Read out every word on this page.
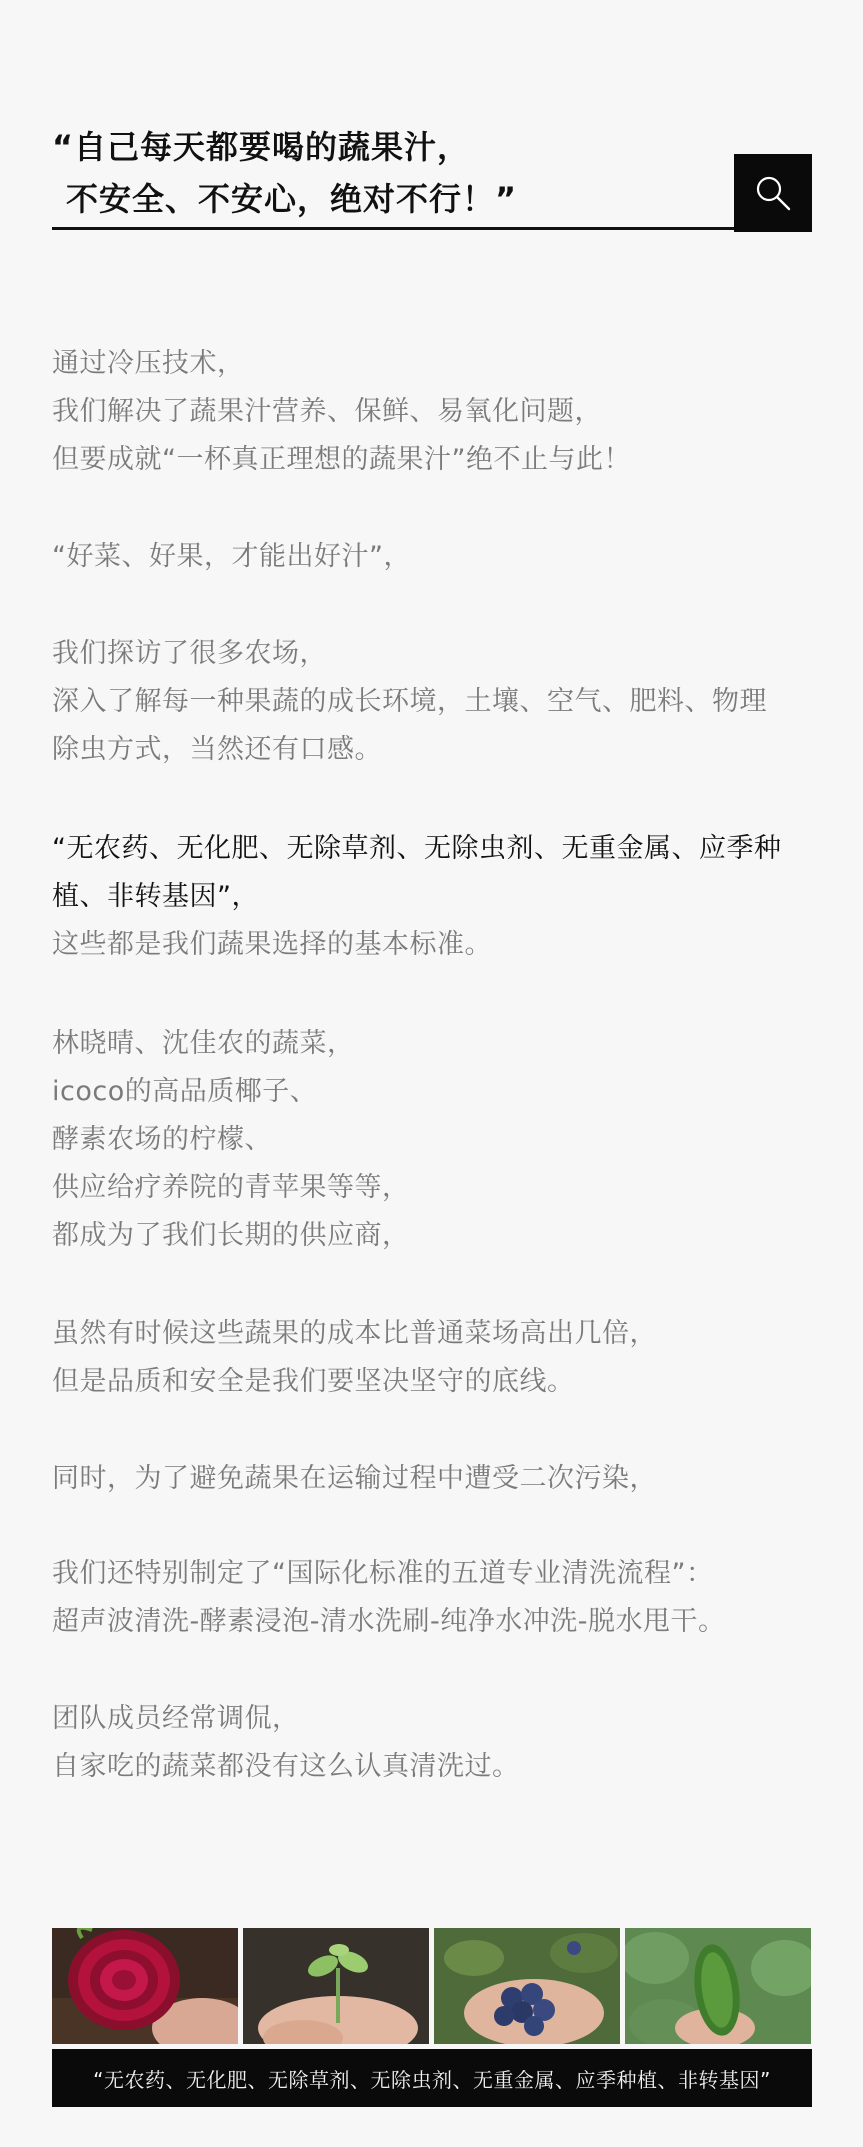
“自己每天都要喝的蔬果汁，
不安全、不安心，绝对不行！”
通过冷压技术，
我们解决了蔬果汁营养、保鲜、易氧化问题，
但要成就“一杯真正理想的蔬果汁”绝不止与此！
“好菜、好果，才能出好汁”，
我们探访了很多农场，
深入了解每一种果蔬的成长环境，土壤、空气、肥料、物理
除虫方式，当然还有口感。
“无农药、无化肥、无除草剂、无除虫剂、无重金属、应季种
植、非转基因”，
这些都是我们蔬果选择的基本标准。
林晓晴、沈佳农的蔬菜，
icoco的高品质椰子、
酵素农场的柠檬、
供应给疗养院的青苹果等等，
都成为了我们长期的供应商，
虽然有时候这些蔬果的成本比普通菜场高出几倍，
但是品质和安全是我们要坚决坚守的底线。
同时，为了避免蔬果在运输过程中遭受二次污染，
我们还特别制定了“国际化标准的五道专业清洗流程”：
超声波清洗-酵素浸泡-清水洗刷-纯净水冲洗-脱水甩干。
团队成员经常调侃，
自家吃的蔬菜都没有这么认真清洗过。
“无农药、无化肥、无除草剂、无除虫剂、无重金属、应季种植、非转基因”
